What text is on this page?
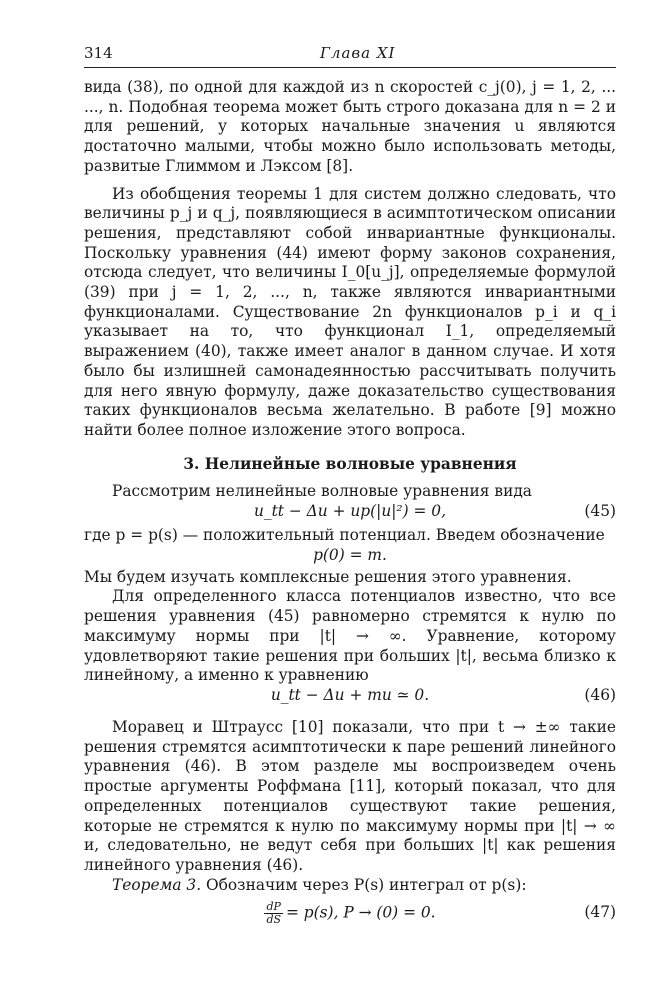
314	Глава XI

вида (38), по одной для каждой из n скоростей c_j(0), j = 1, 2, ... ..., n. Подобная теорема может быть строго доказана для n = 2 и для решений, у которых начальные значения u являются достаточно малыми, чтобы можно было использовать методы, развитые Глиммом и Лэксом [8].

Из обобщения теоремы 1 для систем должно следовать, что величины p_j и q_j, появляющиеся в асимптотическом описании решения, представляют собой инвариантные функционалы. Поскольку уравнения (44) имеют форму законов сохранения, отсюда следует, что величины I_0[u_j], определяемые формулой (39) при j = 1, 2, ..., n, также являются инвариантными функционалами. Существование 2n функционалов p_i и q_i указывает на то, что функционал I_1, определяемый выражением (40), также имеет аналог в данном случае. И хотя было бы излишней самонадеянностью рассчитывать получить для него явную формулу, даже доказательство существования таких функционалов весьма желательно. В работе [9] можно найти более полное изложение этого вопроса.

3. Нелинейные волновые уравнения

Рассмотрим нелинейные волновые уравнения вида

u_tt − Δu + up(|u|²) = 0,	(45)

где p = p(s) — положительный потенциал. Введем обозначение

p(0) = m.

Мы будем изучать комплексные решения этого уравнения.

Для определенного класса потенциалов известно, что все решения уравнения (45) равномерно стремятся к нулю по максимуму нормы при |t| → ∞. Уравнение, которому удовлетворяют такие решения при больших |t|, весьма близко к линейному, а именно к уравнению

u_tt − Δu + mu ≃ 0.	(46)

Моравец и Штраусс [10] показали, что при t → ±∞ такие решения стремятся асимптотически к паре решений линейного уравнения (46). В этом разделе мы воспроизведем очень простые аргументы Роффмана [11], который показал, что для определенных потенциалов существуют такие решения, которые не стремятся к нулю по максимуму нормы при |t| → ∞ и, следовательно, не ведут себя при больших |t| как решения линейного уравнения (46).

Теорема 3. Обозначим через P(s) интеграл от p(s):

$\frac{dP}{dS} = p(s)$, P → (0) = 0.	(47)
